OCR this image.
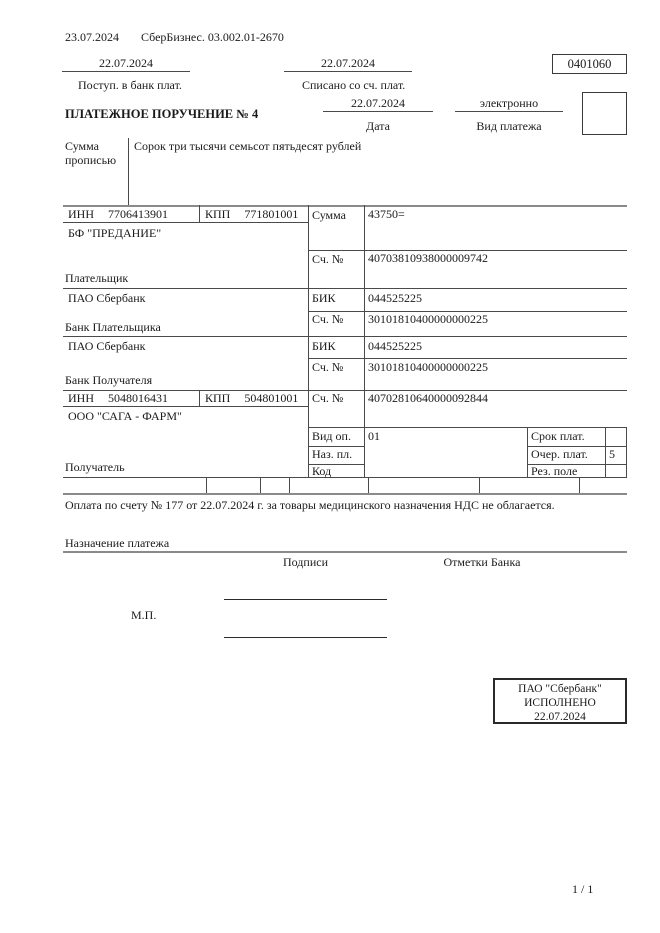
23.07.2024 СберБизнес. 03.002.01-2670
22.07.2024
Поступ. в банк плат.
22.07.2024
Списано со сч. плат.
0401060
ПЛАТЕЖНОЕ ПОРУЧЕНИЕ № 4
22.07.2024
Дата
электронно
Вид платежа
Сумма
прописью
Сорок три тысячи семьсот пятьдесят рублей
ИНН 7706413901	КПП 771801001 Сумма 43750=
БФ "ПРЕДАНИЕ"
Сч. № 40703810938000009742
Плательщик
ПАО Сбербанк	БИК	044525225
Сч. № 30101810400000000225
Банк Плательщика
ПАО Сбербанк	БИК	044525225
Сч. № 30101810400000000225
Банк Получателя
ИНН 5048016431	КПП 504801001 Сч. № 40702810640000092844
ООО "САГА - ФАРМ"
Получатель
Вид оп. 01	Срок плат.
Наз. пл.	Очер. плат. 5
Код	Рез. поле
Оплата по счету № 177 от 22.07.2024 г. за товары медицинского назначения НДС не облагается.
Назначение платежа
Подписи	Отметки Банка
М.П.
ПАО "Сбербанк"
ИСПОЛНЕНО
22.07.2024
1 / 1
